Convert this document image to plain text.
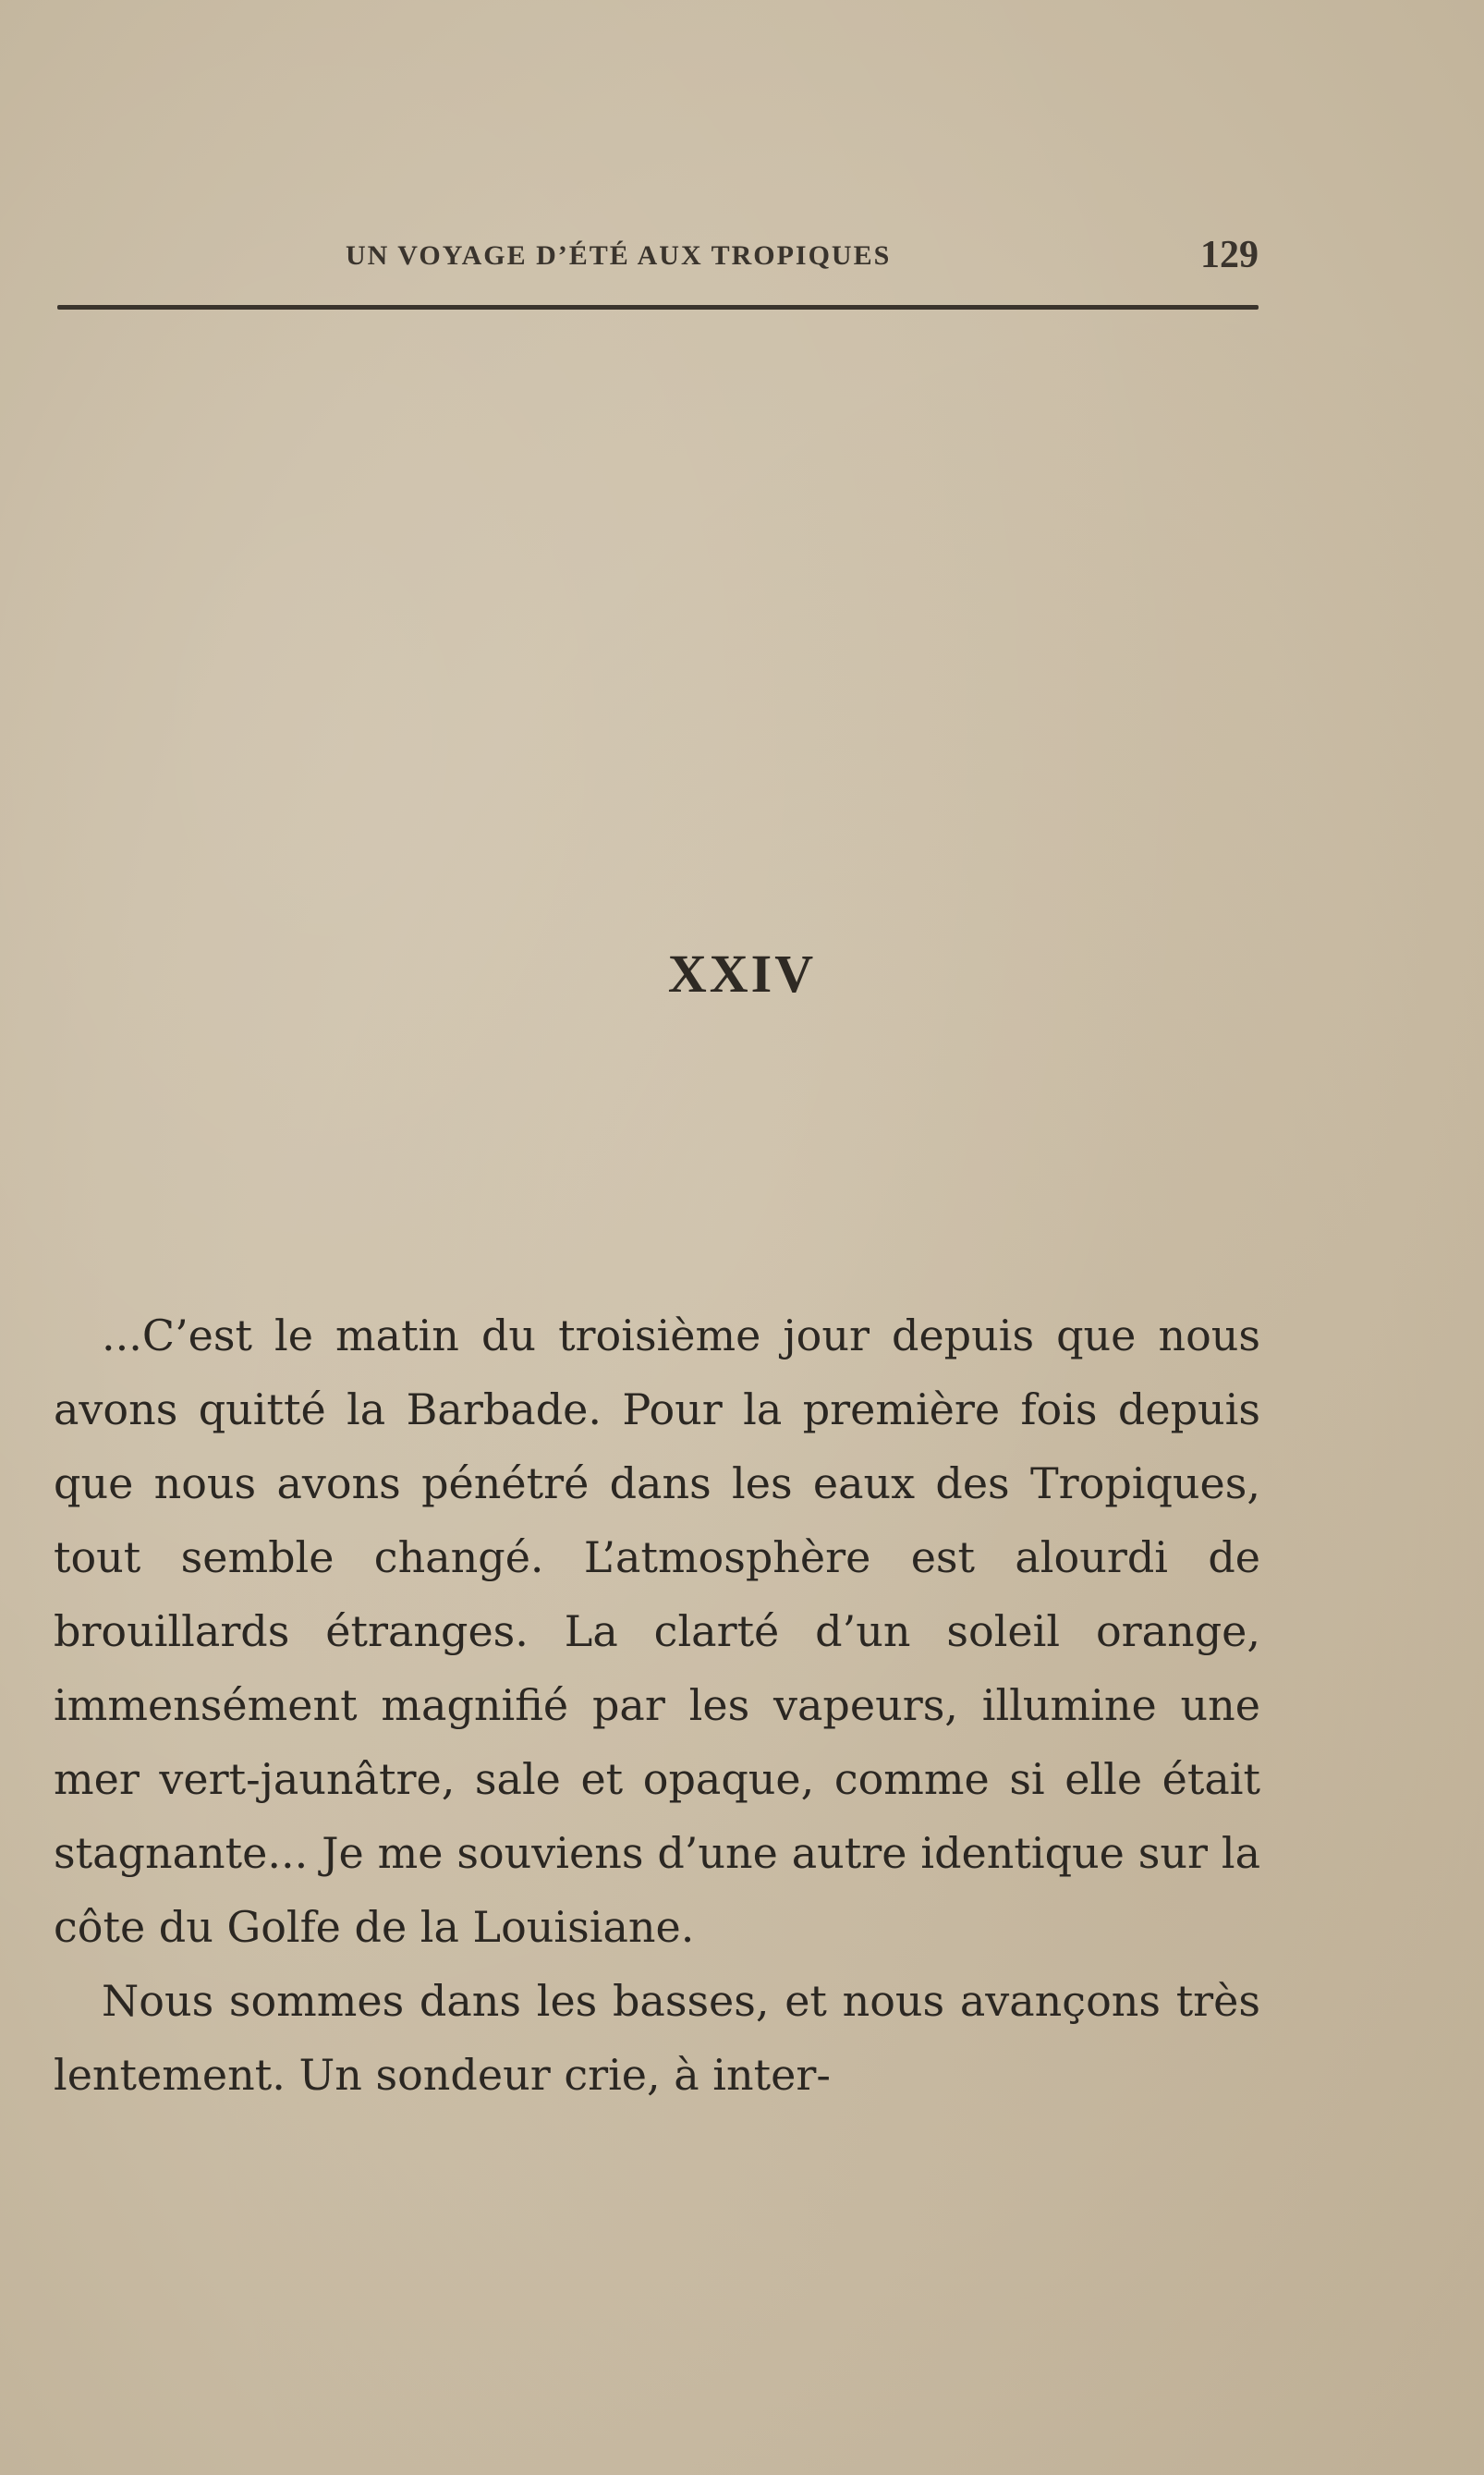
UN VOYAGE D’ÉTÉ AUX TROPIQUES	129
XXIV

...C’est le matin du troisième jour depuis que nous avons quitté la Barbade. Pour la première fois depuis que nous avons pénétré dans les eaux des Tropiques, tout semble changé. L’atmosphère est alourdi de brouillards étranges. La clarté d’un soleil orange, immensément magnifié par les vapeurs, illumine une mer vert-jaunâtre, sale et opaque, comme si elle était stagnante... Je me souviens d’une autre identique sur la côte du Golfe de la Louisiane.

Nous sommes dans les basses, et nous avançons très lentement. Un sondeur crie, à inter-
